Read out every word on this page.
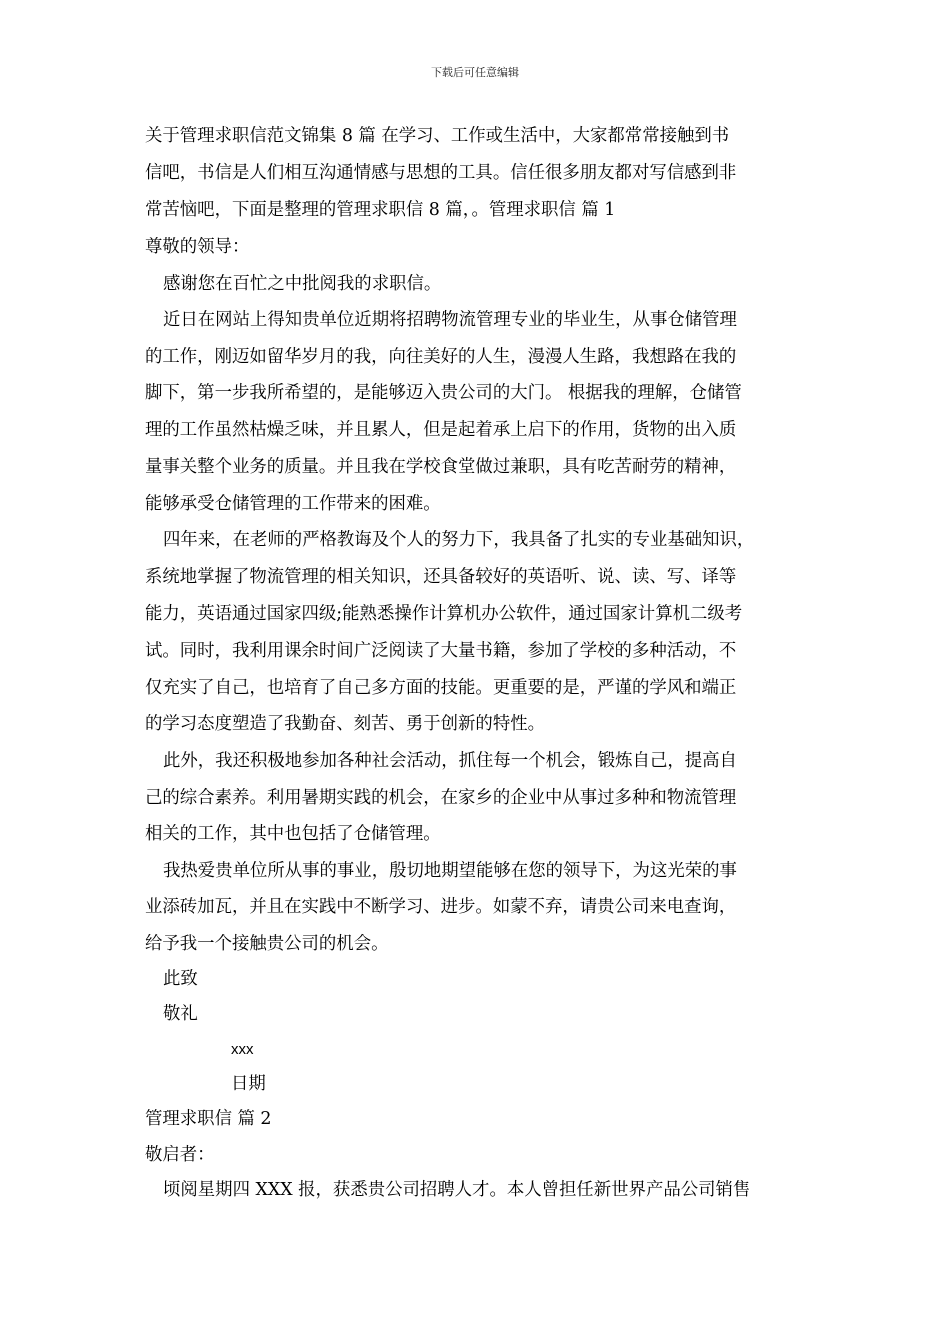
下载后可任意编辑
关于管理求职信范文锦集 8 篇 在学习、工作或生活中，大家都常常接触到书
信吧，书信是人们相互沟通情感与思想的工具。信任很多朋友都对写信感到非
常苦恼吧，下面是整理的管理求职信 8 篇，。管理求职信 篇 1
尊敬的领导：
感谢您在百忙之中批阅我的求职信。
近日在网站上得知贵单位近期将招聘物流管理专业的毕业生，从事仓储管理
的工作，刚迈如留华岁月的我，向往美好的人生，漫漫人生路，我想路在我的
脚下，第一步我所希望的，是能够迈入贵公司的大门。 根据我的理解，仓储管
理的工作虽然枯燥乏味，并且累人，但是起着承上启下的作用，货物的出入质
量事关整个业务的质量。并且我在学校食堂做过兼职，具有吃苦耐劳的精神，
能够承受仓储管理的工作带来的困难。
四年来，在老师的严格教诲及个人的努力下，我具备了扎实的专业基础知识，
系统地掌握了物流管理的相关知识，还具备较好的英语听、说、读、写、译等
能力，英语通过国家四级;能熟悉操作计算机办公软件，通过国家计算机二级考
试。同时，我利用课余时间广泛阅读了大量书籍，参加了学校的多种活动，不
仅充实了自己，也培育了自己多方面的技能。更重要的是，严谨的学风和端正
的学习态度塑造了我勤奋、刻苦、勇于创新的特性。
此外，我还积极地参加各种社会活动，抓住每一个机会，锻炼自己，提高自
己的综合素养。利用暑期实践的机会，在家乡的企业中从事过多种和物流管理
相关的工作，其中也包括了仓储管理。
我热爱贵单位所从事的事业，殷切地期望能够在您的领导下，为这光荣的事
业添砖加瓦，并且在实践中不断学习、进步。如蒙不弃，请贵公司来电查询，
给予我一个接触贵公司的机会。
此致
敬礼
xxx
日期
管理求职信 篇 2
敬启者：
顷阅星期四 XXX 报，获悉贵公司招聘人才。本人曾担任新世界产品公司销售
